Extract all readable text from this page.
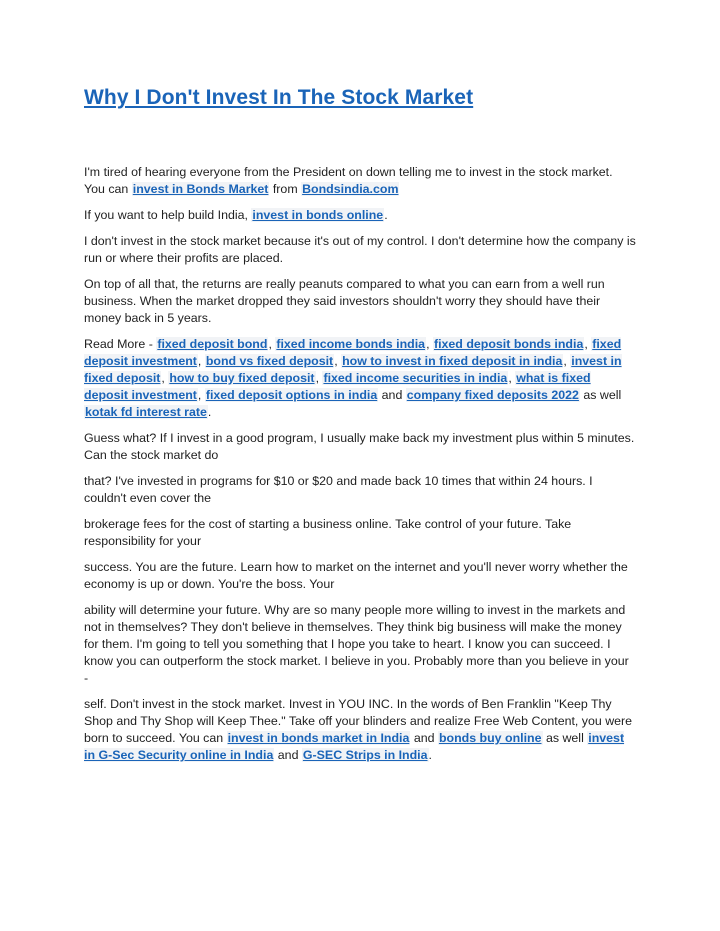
Why I Don't Invest In The Stock Market

I'm tired of hearing everyone from the President on down telling me to invest in the stock market. You can invest in Bonds Market from Bondsindia.com

If you want to help build India, invest in bonds online.

I don't invest in the stock market because it's out of my control. I don't determine how the company is run or where their profits are placed.

On top of all that, the returns are really peanuts compared to what you can earn from a well run business. When the market dropped they said investors shouldn't worry they should have their money back in 5 years.

Read More - fixed deposit bond, fixed income bonds india, fixed deposit bonds india, fixed deposit investment, bond vs fixed deposit, how to invest in fixed deposit in india, invest in fixed deposit, how to buy fixed deposit, fixed income securities in india, what is fixed deposit investment, fixed deposit options in india and company fixed deposits 2022 as well kotak fd interest rate.

Guess what? If I invest in a good program, I usually make back my investment plus within 5 minutes. Can the stock market do

that? I've invested in programs for $10 or $20 and made back 10 times that within 24 hours. I couldn't even cover the

brokerage fees for the cost of starting a business online. Take control of your future. Take responsibility for your

success. You are the future. Learn how to market on the internet and you'll never worry whether the economy is up or down. You're the boss. Your

ability will determine your future. Why are so many people more willing to invest in the markets and not in themselves? They don't believe in themselves. They think big business will make the money for them. I'm going to tell you something that I hope you take to heart. I know you can succeed. I know you can outperform the stock market. I believe in you. Probably more than you believe in your -

self. Don't invest in the stock market. Invest in YOU INC. In the words of Ben Franklin "Keep Thy Shop and Thy Shop will Keep Thee." Take off your blinders and realize Free Web Content, you were born to succeed. You can invest in bonds market in India and bonds buy online as well invest in G-Sec Security online in India and G-SEC Strips in India.
